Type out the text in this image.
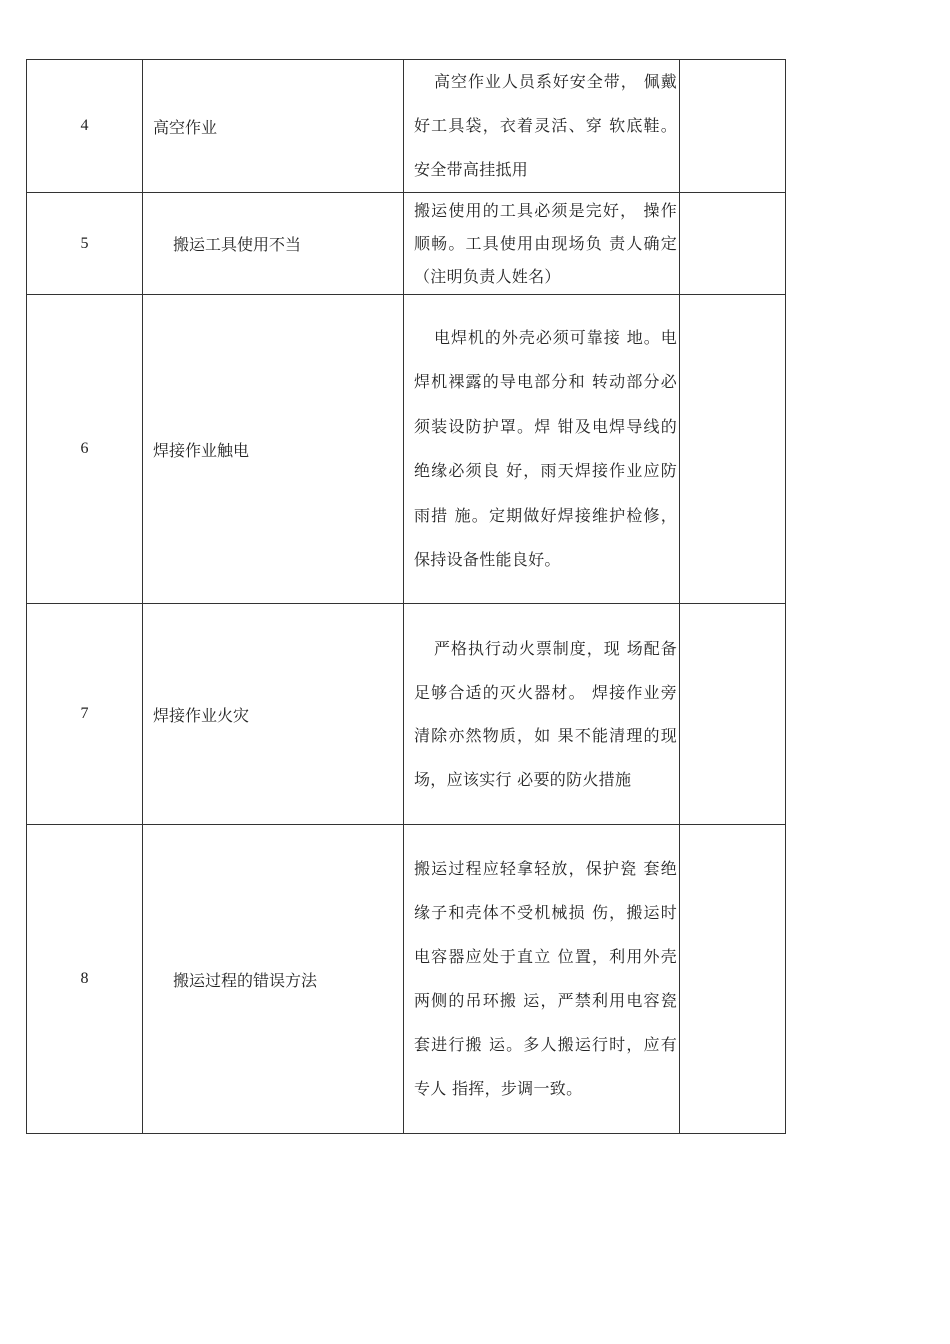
4	高空作业	高空作业人员系好安全带， 佩戴好工具袋，衣着灵活、穿 软底鞋。安全带高挂抵用	

5	搬运工具使用不当	搬运使用的工具必须是完好， 操作顺畅。工具使用由现场负 责人确定（注明负责人姓名）	

6	焊接作业触电	电焊机的外壳必须可靠接 地。电焊机裸露的导电部分和 转动部分必须装设防护罩。焊 钳及电焊导线的绝缘必须良 好，雨天焊接作业应防雨措 施。定期做好焊接维护检修， 保持设备性能良好。	

7	焊接作业火灾	严格执行动火票制度，现 场配备足够合适的灭火器材。 焊接作业旁清除亦然物质，如 果不能清理的现场，应该实行 必要的防火措施	

8	搬运过程的错误方法	搬运过程应轻拿轻放，保护瓷 套绝缘子和壳体不受机械损 伤，搬运时电容器应处于直立 位置，利用外壳两侧的吊环搬 运，严禁利用电容瓷套进行搬 运。多人搬运行时，应有专人 指挥，步调一致。	
